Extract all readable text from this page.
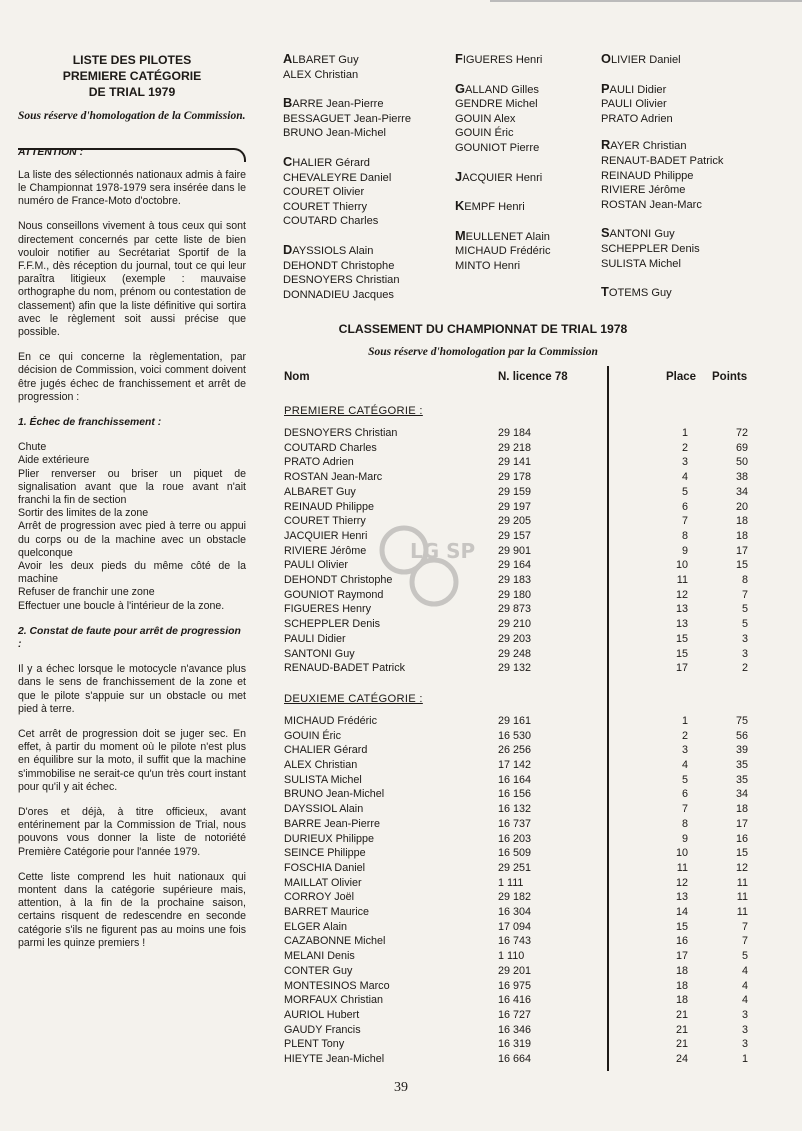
LISTE DES PILOTES

PREMIERE CATÉGORIE

DE TRIAL 1979

Sous réserve d'homologation de la Commission.

ATTENTION :

La liste des sélectionnés nationaux admis à faire le Championnat 1978-1979 sera insérée dans le numéro de France-Moto d'octobre.

Nous conseillons vivement à tous ceux qui sont directement concernés par cette liste de bien vouloir notifier au Secrétariat Sportif de la F.F.M., dès réception du journal, tout ce qui leur paraîtra litigieux (exemple : mauvaise orthographe du nom, prénom ou contestation de classement) afin que la liste définitive qui sortira avec le règlement soit aussi précise que possible.

En ce qui concerne la règlementation, par décision de Commission, voici comment doivent être jugés échec de franchissement et arrêt de progression :

1. Échec de franchissement :

Chute

Aide extérieure

Plier renverser ou briser un piquet de signalisation avant que la roue avant n'ait franchi la fin de section

Sortir des limites de la zone

Arrêt de progression avec pied à terre ou appui du corps ou de la machine avec un obstacle quelconque

Avoir les deux pieds du même côté de la machine

Refuser de franchir une zone

Effectuer une boucle à l'intérieur de la zone.

2. Constat de faute pour arrêt de progression :

Il y a échec lorsque le motocycle n'avance plus dans le sens de franchissement de la zone et que le pilote s'appuie sur un obstacle ou met pied à terre.

Cet arrêt de progression doit se juger sec. En effet, à partir du moment où le pilote n'est plus en équilibre sur la moto, il suffit que la machine s'immobilise ne serait-ce qu'un très court instant pour qu'il y ait échec.

D'ores et déjà, à titre officieux, avant entérinement par la Commission de Trial, nous pouvons vous donner la liste de notoriété Première Catégorie pour l'année 1979.

Cette liste comprend les huit nationaux qui montent dans la catégorie supérieure mais, attention, à la fin de la prochaine saison, certains risquent de redescendre en seconde catégorie s'ils ne figurent pas au moins une fois parmi les quinze premiers !

ALBARET Guy
ALEX Christian
BARRE Jean-Pierre
BESSAGUET Jean-Pierre
BRUNO Jean-Michel
CHALIER Gérard
CHEVALEYRE Daniel
COURET Olivier
COURET Thierry
COUTARD Charles
DAYSSIOLS Alain
DEHONDT Christophe
DESNOYERS Christian
DONNADIEU Jacques
FIGUERES Henri
GALLAND Gilles
GENDRE Michel
GOUIN Alex
GOUIN Éric
GOUNIOT Pierre
JACQUIER Henri
KEMPF Henri
MEULLENET Alain
MICHAUD Frédéric
MINTO Henri
OLIVIER Daniel
PAULI Didier
PAULI Olivier
PRATO Adrien
RAYER Christian
RENAUT-BADET Patrick
REINAUD Philippe
RIVIERE Jérôme
ROSTAN Jean-Marc
SANTONI Guy
SCHEPPLER Denis
SULISTA Michel
TOTEMS Guy
CLASSEMENT DU CHAMPIONNAT DE TRIAL 1978
Sous réserve d'homologation par la Commission
Nom	N. licence 78	Place Points
PREMIERE CATÉGORIE :
DESNOYERS Christian	29 184	1	72
COUTARD Charles	29 218	2	69
PRATO Adrien	29 141	3	50
ROSTAN Jean-Marc	29 178	4	38
ALBARET Guy	29 159	5	34
REINAUD Philippe	29 197	6	20
COURET Thierry	29 205	7	18
JACQUIER Henri	29 157	8	18
RIVIERE Jérôme	29 901	9	17
PAULI Olivier	29 164	10	15
DEHONDT Christophe	29 183	11	8
GOUNIOT Raymond	29 180	12	7
FIGUERES Henry	29 873	13	5
SCHEPPLER Denis	29 210	13	5
PAULI Didier	29 203	15	3
SANTONI Guy	29 248	15	3
RENAUD-BADET Patrick	29 132	17	2
DEUXIEME CATÉGORIE :
MICHAUD Frédéric	29 161	1	75
GOUIN Éric	16 530	2	56
CHALIER Gérard	26 256	3	39
ALEX Christian	17 142	4	35
SULISTA Michel	16 164	5	35
BRUNO Jean-Michel	16 156	6	34
DAYSSIOL Alain	16 132	7	18
BARRE Jean-Pierre	16 737	8	17
DURIEUX Philippe	16 203	9	16
SEINCE Philippe	16 509	10	15
FOSCHIA Daniel	29 251	11	12
MAILLAT Olivier	1 111	12	11
CORROY Joël	29 182	13	11
BARRET Maurice	16 304	14	11
ELGER Alain	17 094	15	7
CAZABONNE Michel	16 743	16	7
MELANI Denis	1 110	17	5
CONTER Guy	29 201	18	4
MONTESINOS Marco	16 975	18	4
MORFAUX Christian	16 416	18	4
AURIOL Hubert	16 727	21	3
GAUDY Francis	16 346	21	3
PLENT Tony	16 319	21	3
HIEYTE Jean-Michel	16 664	24	1
39
LG SP
